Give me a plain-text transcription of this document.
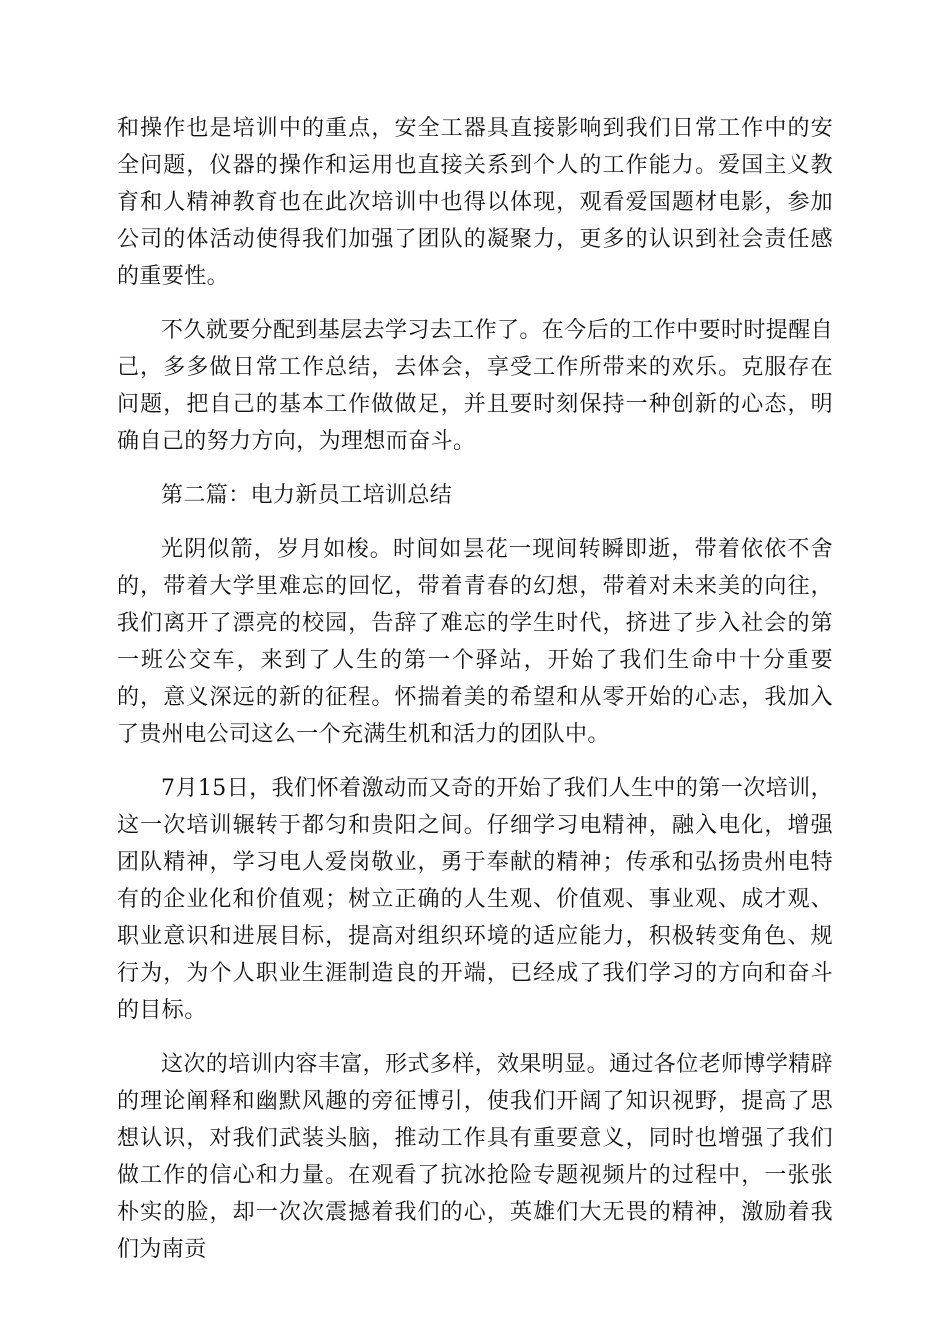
和操作也是培训中的重点，安全工器具直接影响到我们日常工作中的安全问题，仪器的操作和运用也直接关系到个人的工作能力。爱国主义教育和人精神教育也在此次培训中也得以体现，观看爱国题材电影，参加公司的体活动使得我们加强了团队的凝聚力，更多的认识到社会责任感的重要性。

不久就要分配到基层去学习去工作了。在今后的工作中要时时提醒自己，多多做日常工作总结，去体会，享受工作所带来的欢乐。克服存在问题，把自己的基本工作做做足，并且要时刻保持一种创新的心态，明确自己的努力方向，为理想而奋斗。

第二篇：电力新员工培训总结

光阴似箭，岁月如梭。时间如昙花一现间转瞬即逝，带着依依不舍的，带着大学里难忘的回忆，带着青春的幻想，带着对未来美的向往，我们离开了漂亮的校园，告辞了难忘的学生时代，挤进了步入社会的第一班公交车，来到了人生的第一个驿站，开始了我们生命中十分重要的，意义深远的新的征程。怀揣着美的希望和从零开始的心志，我加入了贵州电公司这么一个充满生机和活力的团队中。

7月15日，我们怀着激动而又奇的开始了我们人生中的第一次培训，这一次培训辗转于都匀和贵阳之间。仔细学习电精神，融入电化，增强团队精神，学习电人爱岗敬业，勇于奉献的精神；传承和弘扬贵州电特有的企业化和价值观；树立正确的人生观、价值观、事业观、成才观、职业意识和进展目标，提高对组织环境的适应能力，积极转变角色、规行为，为个人职业生涯制造良的开端，已经成了我们学习的方向和奋斗的目标。

这次的培训内容丰富，形式多样，效果明显。通过各位老师博学精辟的理论阐释和幽默风趣的旁征博引，使我们开阔了知识视野，提高了思想认识，对我们武装头脑，推动工作具有重要意义，同时也增强了我们做工作的信心和力量。在观看了抗冰抢险专题视频片的过程中，一张张朴实的脸，却一次次震撼着我们的心，英雄们大无畏的精神，激励着我们为南贡
